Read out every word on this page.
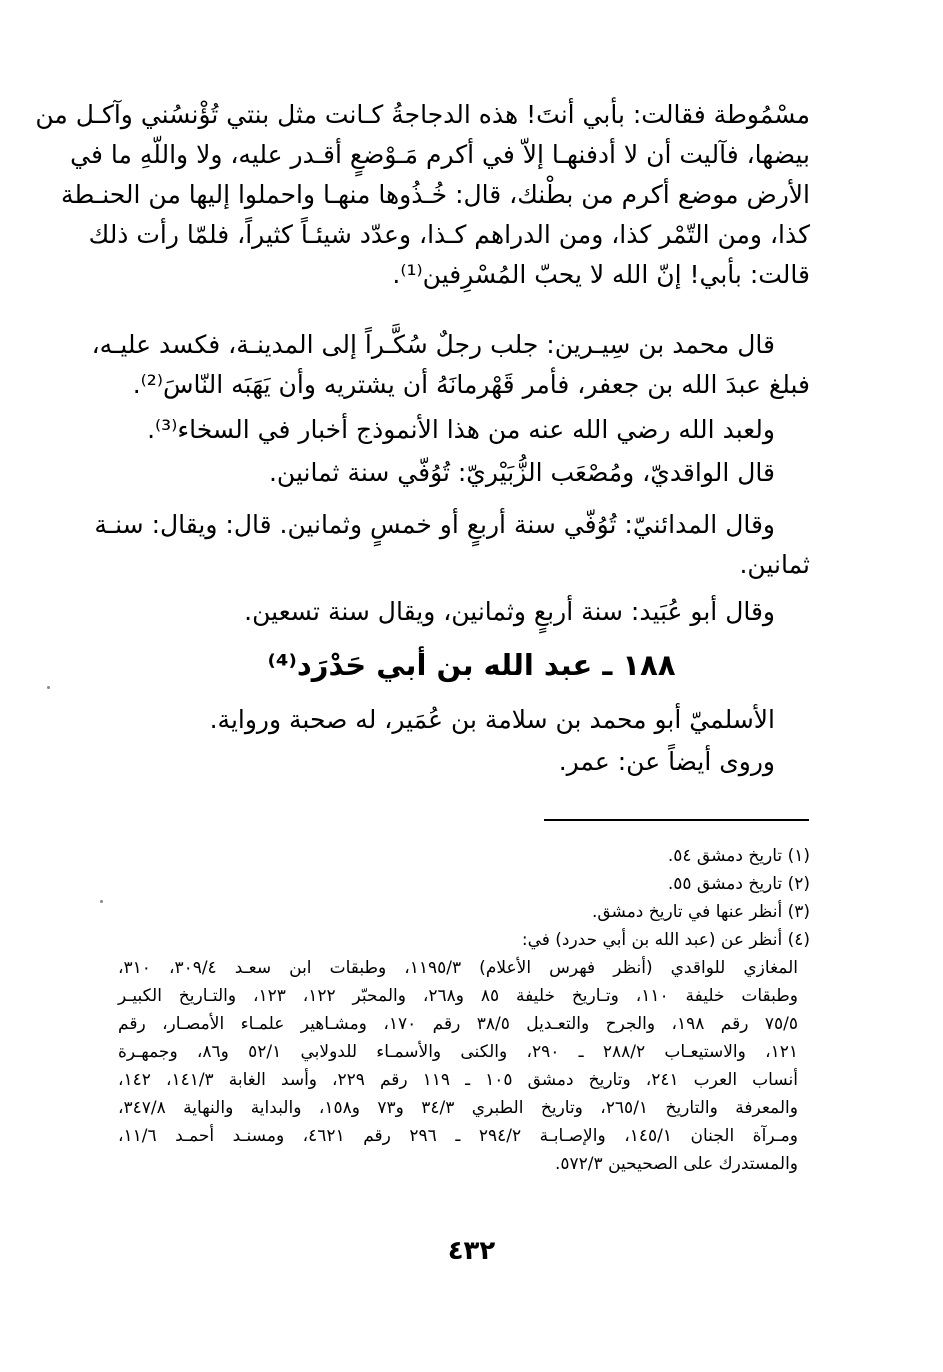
مسْمُوطة فقالت: بأبي أنتَ! هذه الدجاجةُ كـانت مثل بنتي تُؤْنسُني وآكـل من
بيضها، فآليت أن لا أدفنهـا إلاّ في أكرم مَـوْضعٍ أقـدر عليه، ولا واللّهِ ما في
الأرض موضع أكرم من بطْنك، قال: خُـذُوها منهـا واحملوا إليها من الحنـطة
كذا، ومن التّمْر كذا، ومن الدراهم كـذا، وعدّد شيئـاً كثيراً، فلمّا رأت ذلك
قالت: بأبي! إنّ الله لا يحبّ المُسْرِفين⁽¹⁾.
قال محمد بن سِيـرين: جلب رجلٌ سُكَّـراً إلى المدينـة، فكسد عليـه،
فبلغ عبدَ الله بن جعفر، فأمر قَهْرمانَهُ أن يشتريه وأن يَهَبَه النّاسَ⁽²⁾.
ولعبد الله رضي الله عنه من هذا الأنموذج أخبار في السخاء⁽³⁾.
قال الواقديّ، ومُصْعَب الزُّبَيْريّ: تُوُفّي سنة ثمانين.
وقال المدائنيّ: تُوُفّي سنة أربعٍ أو خمسٍ وثمانين. قال: ويقال: سنـة
ثمانين.
وقال أبو عُبَيد: سنة أربعٍ وثمانين، ويقال سنة تسعين.
١٨٨ ـ عبد الله بن أبي حَدْرَد⁽⁴⁾
الأسلميّ أبو محمد بن سلامة بن عُمَير، له صحبة ورواية.
وروى أيضاً عن: عمر.
(١) تاريخ دمشق ٥٤.
(٢) تاريخ دمشق ٥٥.
(٣) أنظر عنها في تاريخ دمشق.
(٤) أنظر عن (عبد الله بن أبي حدرد) في:
المغازي للواقدي (أنظر فهرس الأعلام) ١١٩٥/٣، وطبقات ابن سعـد ٣٠٩/٤، ٣١٠،
وطبقات خليفة ١١٠، وتـاريخ خليفة ٨٥ و٢٦٨، والمحبّر ١٢٢، ١٢٣، والتـاريخ الكبيـر
٧٥/٥ رقم ١٩٨، والجرح والتعـديل ٣٨/٥ رقم ١٧٠، ومشـاهير علمـاء الأمصـار، رقم
١٢١، والاستيعـاب ٢٨٨/٢ ـ ٢٩٠، والكنى والأسمـاء للدولابي ٥٢/١ و٨٦، وجمهـرة
أنساب العرب ٢٤١، وتاريخ دمشق ١٠٥ ـ ١١٩ رقم ٢٢٩، وأسد الغابة ١٤١/٣، ١٤٢،
والمعرفة والتاريخ ٢٦٥/١، وتاريخ الطبري ٣٤/٣ و٧٣ و١٥٨، والبداية والنهاية ٣٤٧/٨،
ومـرآة الجنان ١٤٥/١، والإصـابـة ٢٩٤/٢ ـ ٢٩٦ رقم ٤٦٢١، ومسنـد أحمـد ١١/٦،
والمستدرك على الصحيحين ٥٧٢/٣.
٤٣٢
